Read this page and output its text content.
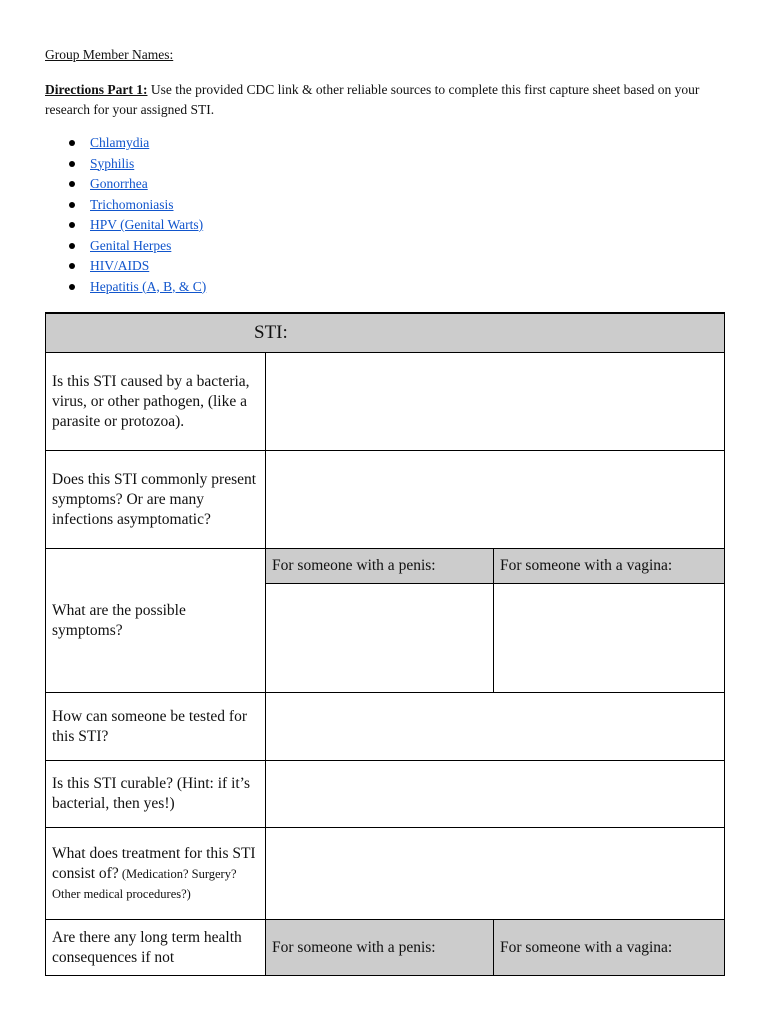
Group Member Names:
Directions Part 1: Use the provided CDC link & other reliable sources to complete this first capture sheet based on your research for your assigned STI.
Chlamydia
Syphilis
Gonorrhea
Trichomoniasis
HPV (Genital Warts)
Genital Herpes
HIV/AIDS
Hepatitis (A, B, & C)
STI:		
Is this STI caused by a bacteria, virus, or other pathogen, (like a parasite or protozoa).		
Does this STI commonly present symptoms? Or are many infections asymptomatic?		
What are the possible symptoms?	For someone with a penis:	For someone with a vagina:

How can someone be tested for this STI?		
Is this STI curable? (Hint: if it’s bacterial, then yes!)		
What does treatment for this STI consist of? (Medication? Surgery? Other medical procedures?)		
Are there any long term health consequences if not	For someone with a penis:	For someone with a vagina:
